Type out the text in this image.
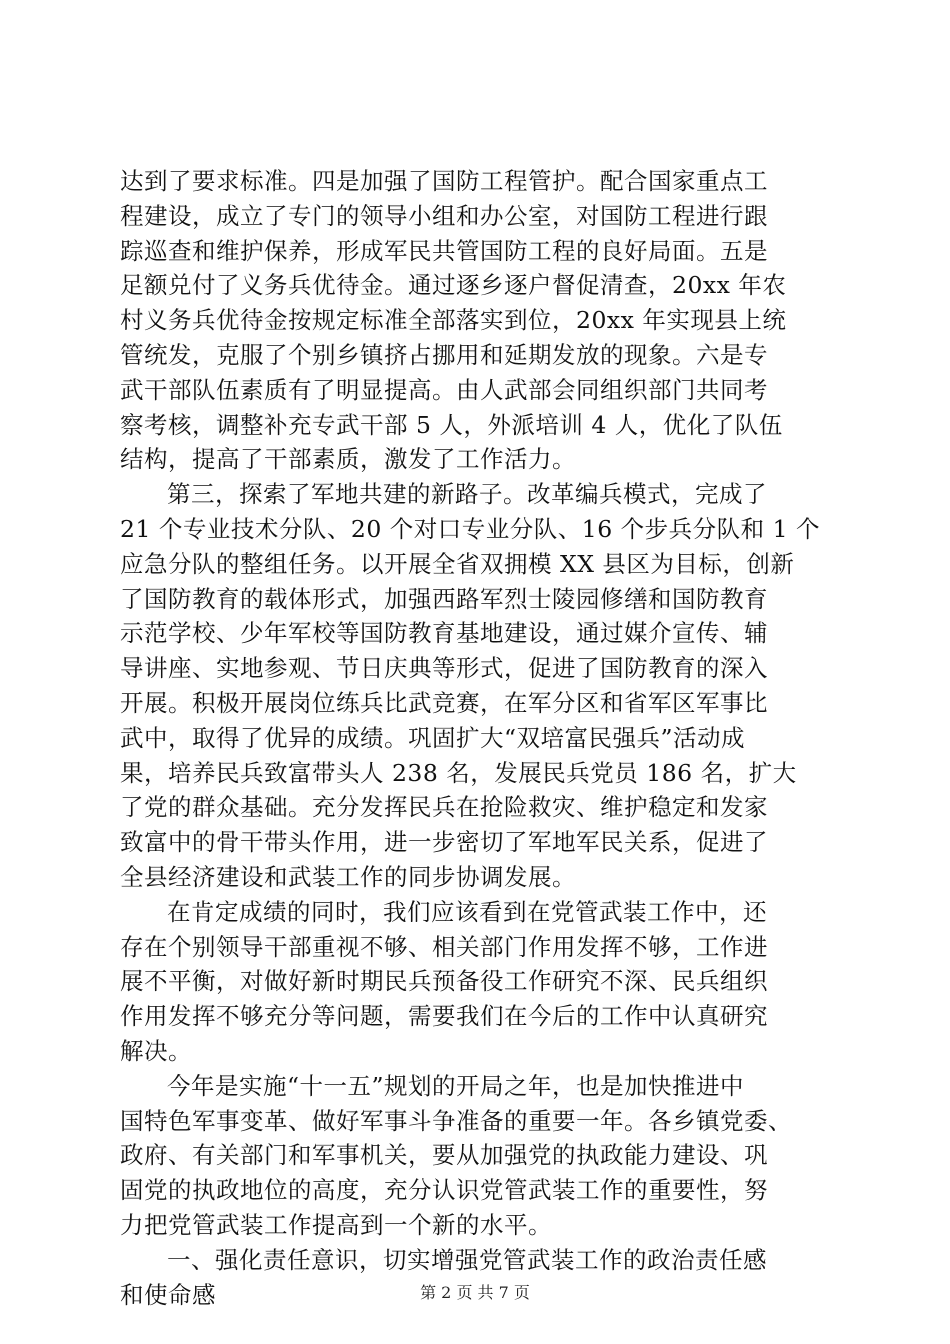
达到了要求标准。四是加强了国防工程管护。配合国家重点工
程建设，成立了专门的领导小组和办公室，对国防工程进行跟
踪巡查和维护保养，形成军民共管国防工程的良好局面。五是
足额兑付了义务兵优待金。通过逐乡逐户督促清查，20xx 年农
村义务兵优待金按规定标准全部落实到位，20xx 年实现县上统
管统发，克服了个别乡镇挤占挪用和延期发放的现象。六是专
武干部队伍素质有了明显提高。由人武部会同组织部门共同考
察考核，调整补充专武干部 5 人，外派培训 4 人，优化了队伍
结构，提高了干部素质，激发了工作活力。
第三，探索了军地共建的新路子。改革编兵模式，完成了
21 个专业技术分队、20 个对口专业分队、16 个步兵分队和 1 个
应急分队的整组任务。以开展全省双拥模 XX 县区为目标，创新
了国防教育的载体形式，加强西路军烈士陵园修缮和国防教育
示范学校、少年军校等国防教育基地建设，通过媒介宣传、辅
导讲座、实地参观、节日庆典等形式，促进了国防教育的深入
开展。积极开展岗位练兵比武竞赛，在军分区和省军区军事比
武中，取得了优异的成绩。巩固扩大“双培富民强兵”活动成
果，培养民兵致富带头人 238 名，发展民兵党员 186 名，扩大
了党的群众基础。充分发挥民兵在抢险救灾、维护稳定和发家
致富中的骨干带头作用，进一步密切了军地军民关系，促进了
全县经济建设和武装工作的同步协调发展。
在肯定成绩的同时，我们应该看到在党管武装工作中，还
存在个别领导干部重视不够、相关部门作用发挥不够，工作进
展不平衡，对做好新时期民兵预备役工作研究不深、民兵组织
作用发挥不够充分等问题，需要我们在今后的工作中认真研究
解决。
今年是实施“十一五”规划的开局之年，也是加快推进中
国特色军事变革、做好军事斗争准备的重要一年。各乡镇党委、
政府、有关部门和军事机关，要从加强党的执政能力建设、巩
固党的执政地位的高度，充分认识党管武装工作的重要性，努
力把党管武装工作提高到一个新的水平。
一、强化责任意识，切实增强党管武装工作的政治责任感
和使命感	第 2 页 共 7 页
